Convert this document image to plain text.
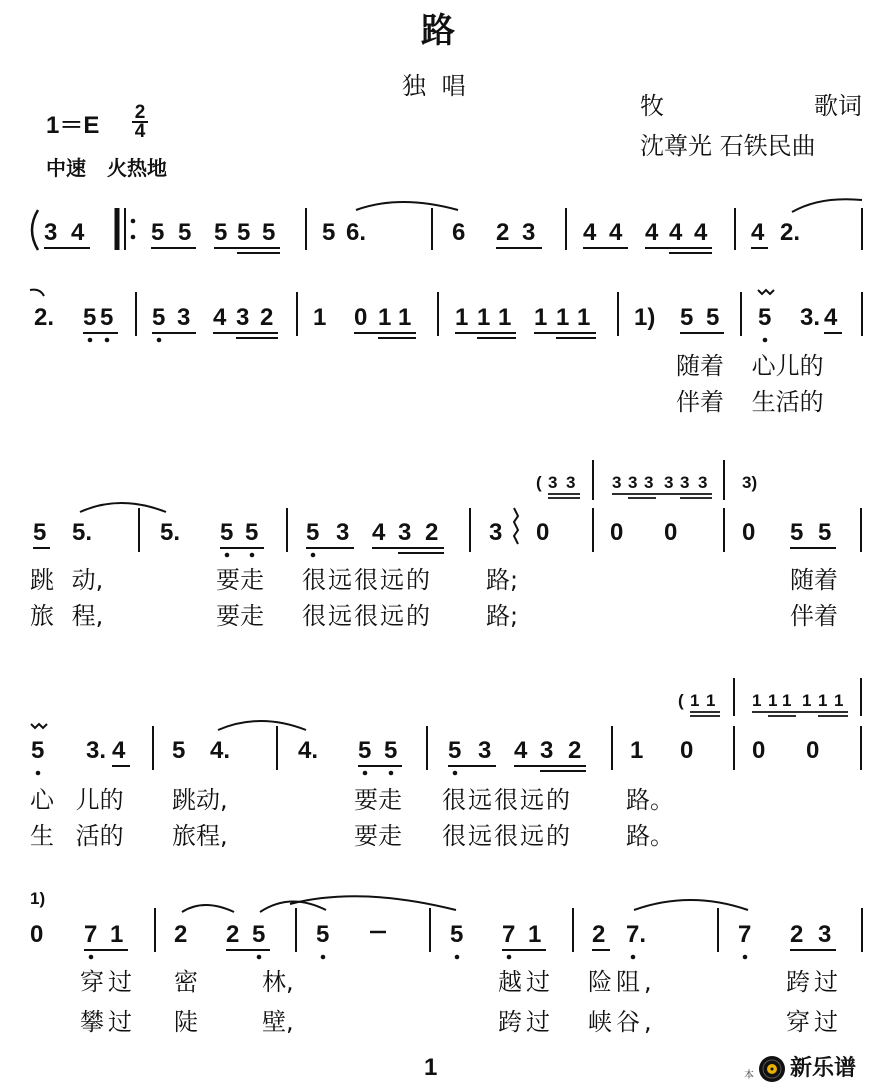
路
独 唱
牧	歌词
沈尊光 石铁民曲
1＝E 2
4
中速 火热地
3 4	5 5 5 5 5 5 6.	6 2 3 4 4 4 4 4 4 2.
2. 5 5 5 3 4 3 2 1 0 1 1 1 1 1 1 1 1 1) 5 5 5 3. 4
随着 心儿的
伴着 生活的
( 3 3 3 3 3 3 3 3 3)
5 5.	5. 5 5 5 3 4 3 2 3 0	0 0	0 5 5
跳 动,	要走 很远很远的 路;	随着
旅 程,	要走 很远很远的 路;	伴着
( 1 1 1 1 1 1 1 1
5 3. 4 5 4.	4. 5 5 5 3 4 3 2 1 0 0 0
心 儿的 跳动,	要走 很远很远的 路。
生 活的 旅程,	要走 很远很远的 路。
1)
0 7 1 2 2 5 5	5 7 1 2 7.	7 2 3
穿过 密	林,	越过 险阻,	跨过
攀过 陡	壁,	跨过 峡谷,	穿过
1	本 新乐谱
